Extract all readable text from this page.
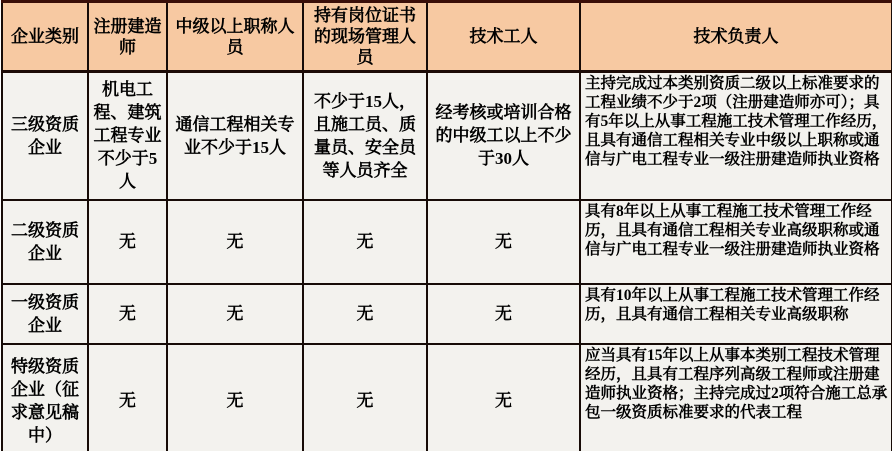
企业类别	注册建造师	中级以上职称人员	持有岗位证书的现场管理人员	技术工人	技术负责人
三级资质企业	机电工程、建筑工程专业不少于5人	通信工程相关专业不少于15人	不少于15人，且施工员、质量员、安全员等人员齐全	经考核或培训合格的中级工以上不少于30人	主持完成过本类别资质二级以上标准要求的工程业绩不少于2项（注册建造师亦可）；具有5年以上从事工程施工技术管理工作经历，且具有通信工程相关专业中级以上职称或通信与广电工程专业一级注册建造师执业资格
二级资质企业	无	无	无	无	具有8年以上从事工程施工技术管理工作经历，且具有通信工程相关专业高级职称或通信与广电工程专业一级注册建造师执业资格
一级资质企业	无	无	无	无	具有10年以上从事工程施工技术管理工作经历，且具有通信工程相关专业高级职称
特级资质企业（征求意见稿中）	无	无	无	无	应当具有15年以上从事本类别工程技术管理经历，且具有工程序列高级工程师或注册建造师执业资格；主持完成过2项符合施工总承包一级资质标准要求的代表工程
